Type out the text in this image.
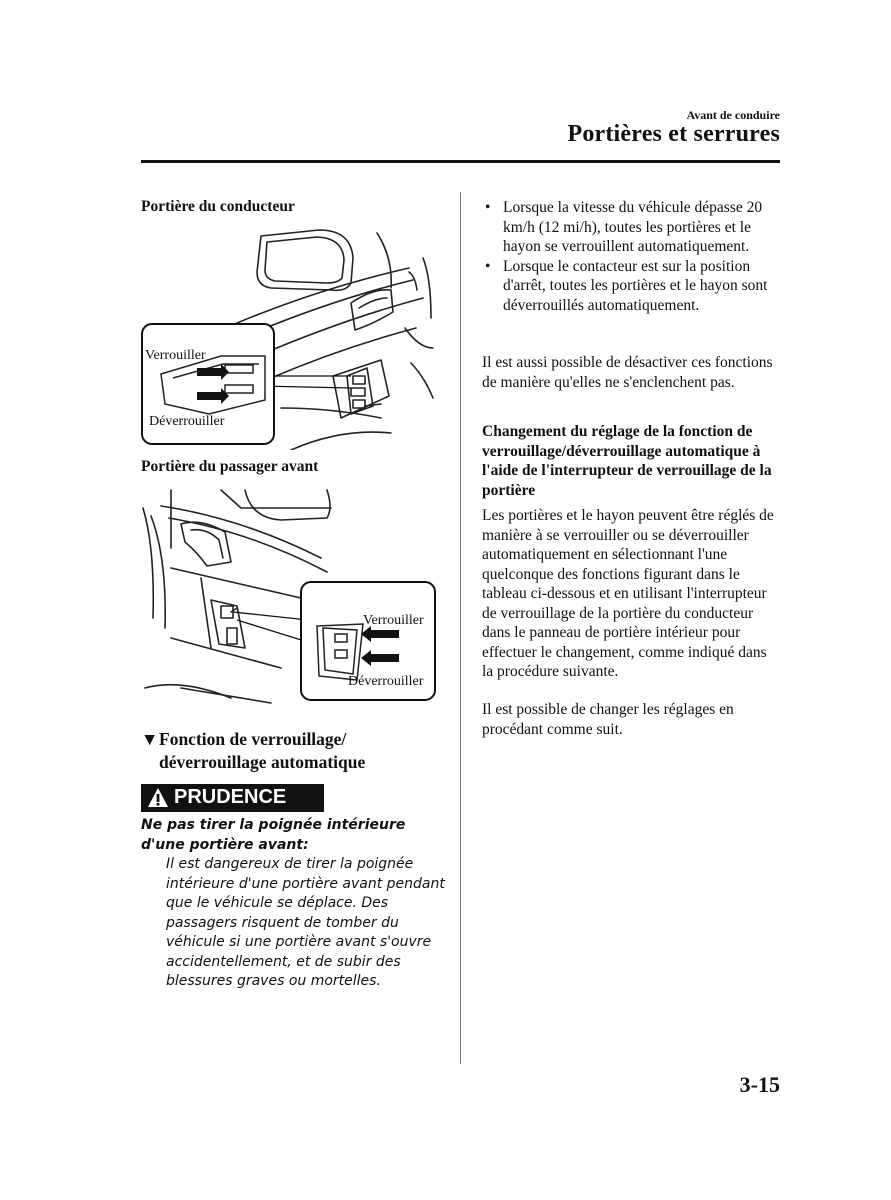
Avant de conduire
Portières et serrures
Portière du conducteur
Verrouiller
Déverrouiller
Portière du passager avant
Verrouiller
Déverrouiller
▼Fonction de verrouillage/
déverrouillage automatique
PRUDENCE
Ne pas tirer la poignée intérieure d'une portière avant:
Il est dangereux de tirer la poignée intérieure d'une portière avant pendant que le véhicule se déplace. Des passagers risquent de tomber du véhicule si une portière avant s'ouvre accidentellement, et de subir des blessures graves ou mortelles.
• Lorsque la vitesse du véhicule dépasse 20 km/h (12 mi/h), toutes les portières et le hayon se verrouillent automatiquement.
• Lorsque le contacteur est sur la position d'arrêt, toutes les portières et le hayon sont déverrouillés automatiquement.
Il est aussi possible de désactiver ces fonctions de manière qu'elles ne s'enclenchent pas.
Changement du réglage de la fonction de verrouillage/déverrouillage automatique à l'aide de l'interrupteur de verrouillage de la portière
Les portières et le hayon peuvent être réglés de manière à se verrouiller ou se déverrouiller automatiquement en sélectionnant l'une quelconque des fonctions figurant dans le tableau ci-dessous et en utilisant l'interrupteur de verrouillage de la portière du conducteur dans le panneau de portière intérieur pour effectuer le changement, comme indiqué dans la procédure suivante.
Il est possible de changer les réglages en procédant comme suit.
3-15
